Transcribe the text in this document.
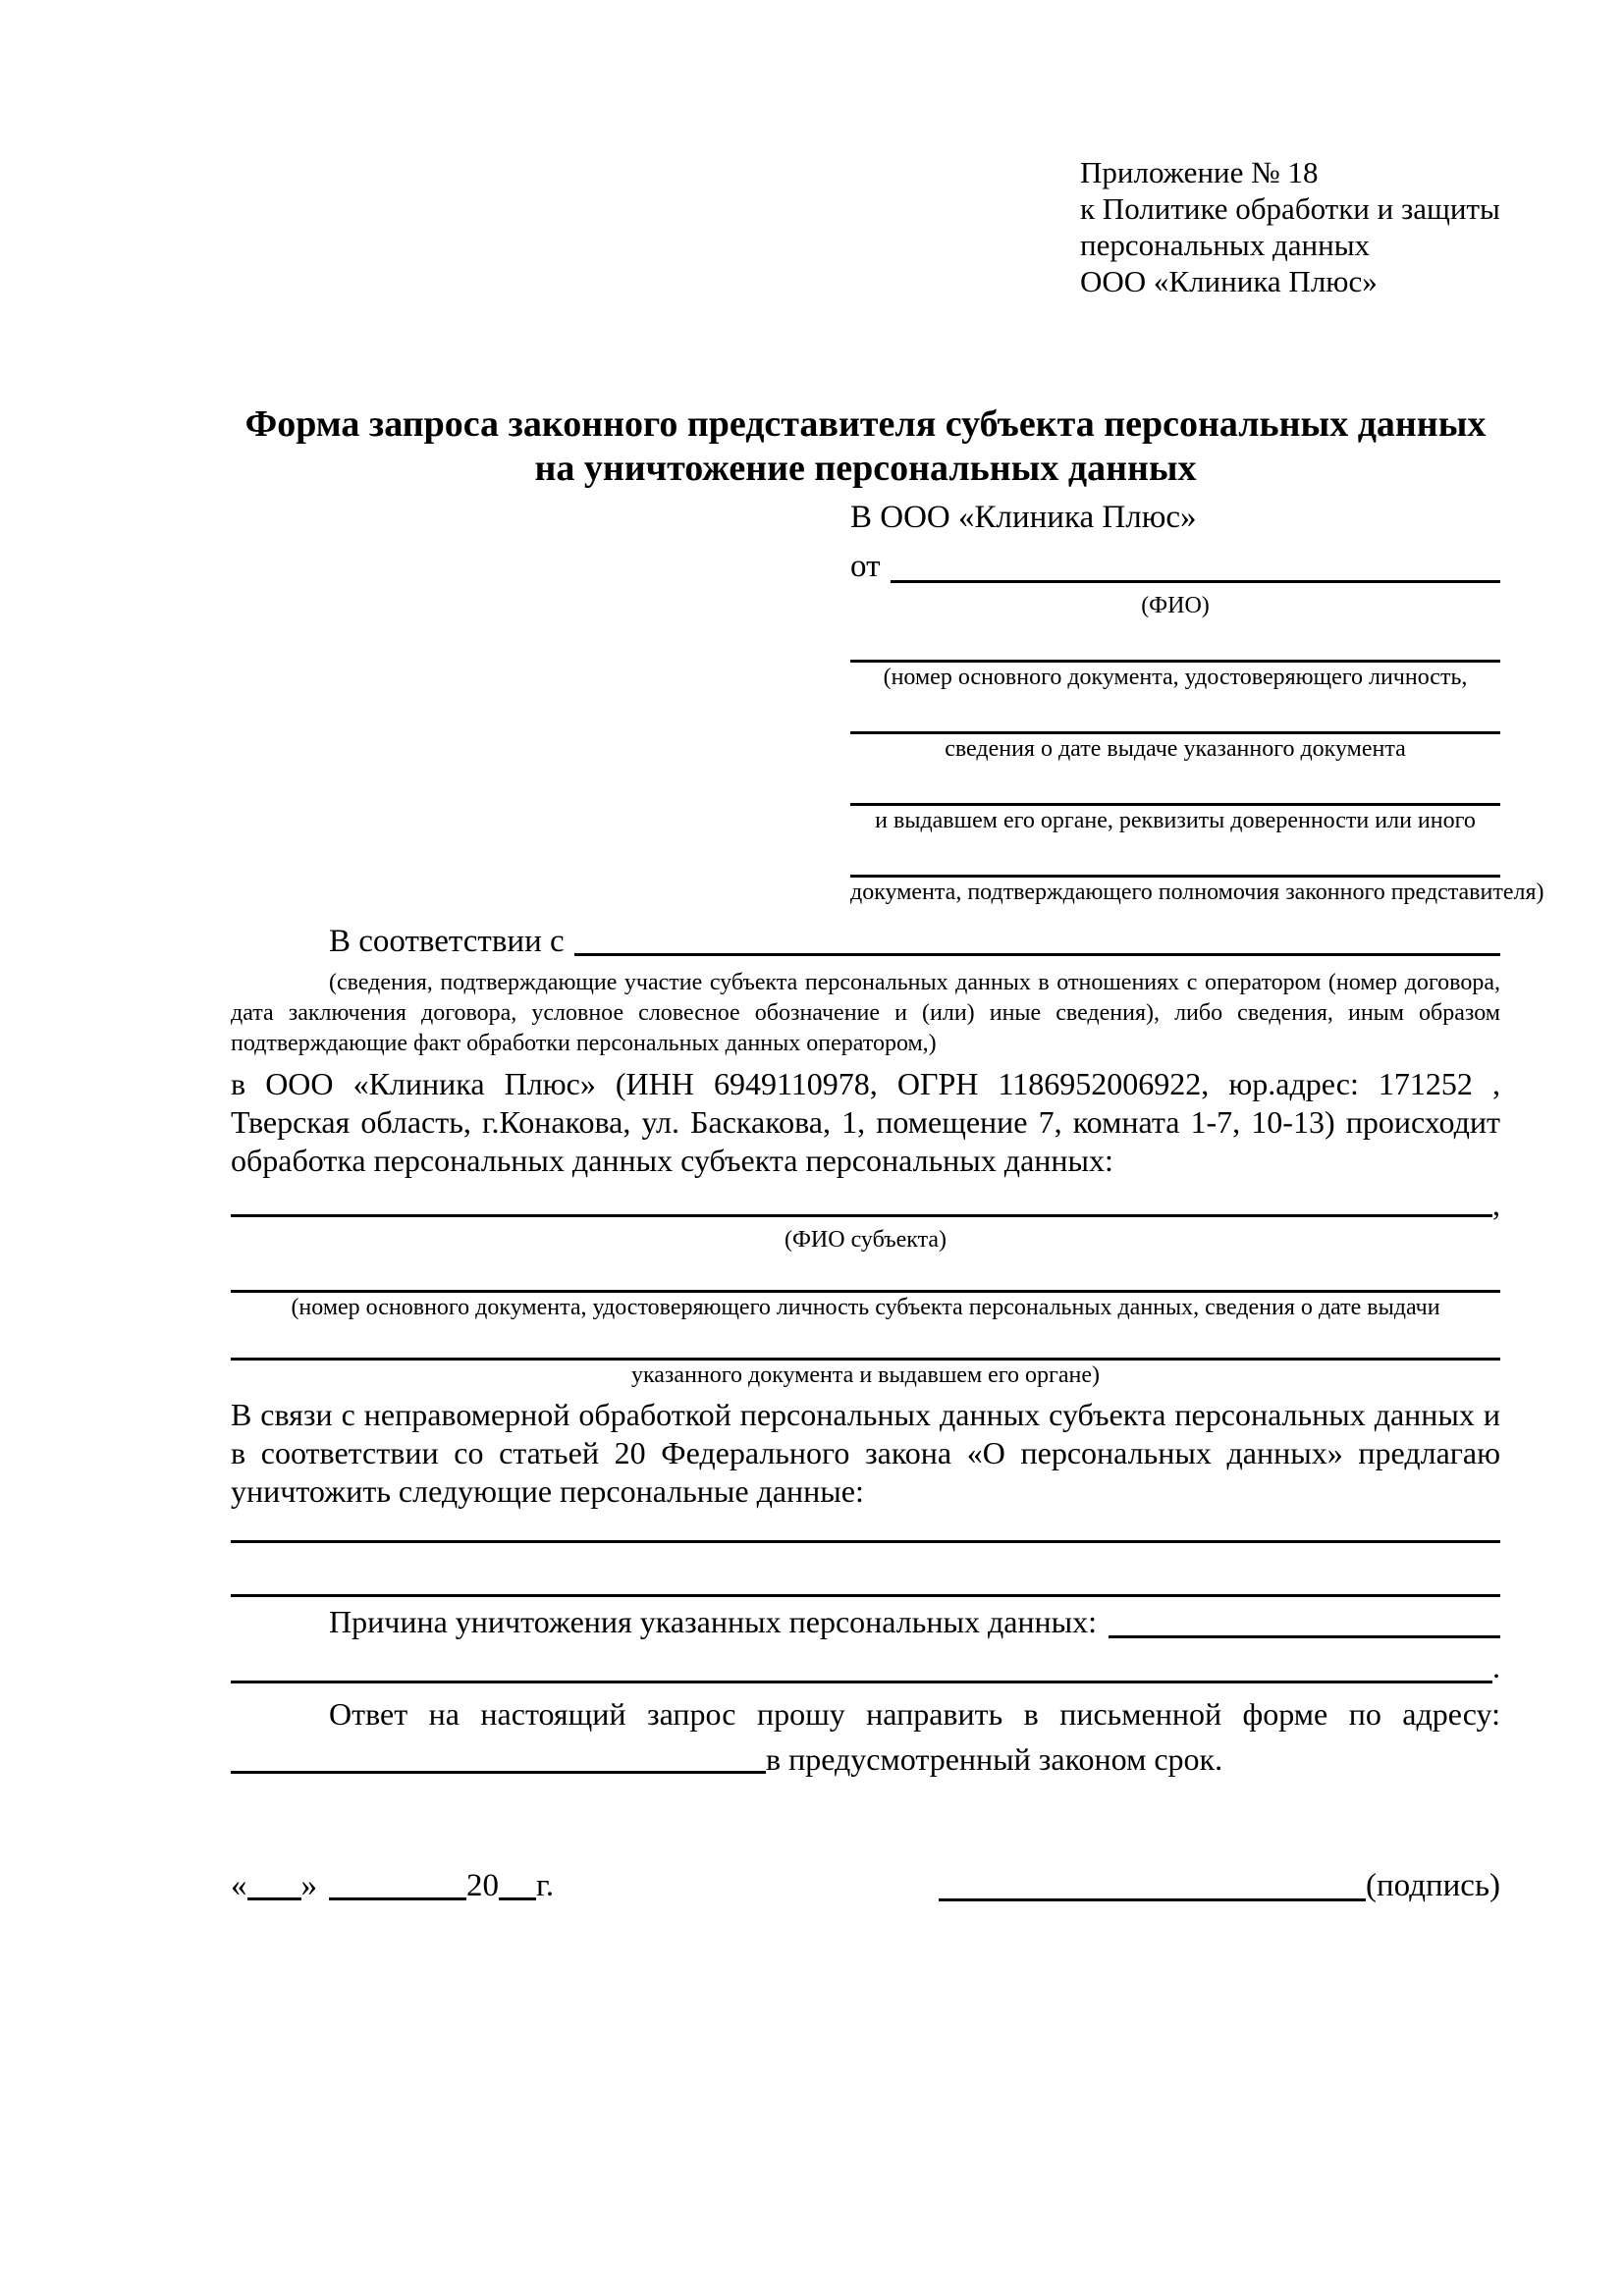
Приложение № 18
к Политике обработки и защиты
персональных данных
ООО «Клиника Плюс»
Форма запроса законного представителя субъекта персональных данных
на уничтожение персональных данных
В ООО «Клиника Плюс»
от
(ФИО)
(номер основного документа, удостоверяющего личность,
сведения о дате выдаче указанного документа
и выдавшем его органе, реквизиты доверенности или иного
документа, подтверждающего полномочия законного представителя)
В соответствии с

(сведения, подтверждающие участие субъекта персональных данных в отношениях с оператором (номер договора, дата заключения договора, условное словесное обозначение и (или) иные сведения), либо сведения, иным образом подтверждающие факт обработки персональных данных оператором,)

в ООО «Клиника Плюс» (ИНН 6949110978, ОГРН 1186952006922, юр.адрес: 171252 , Тверская область, г.Конакова, ул. Баскакова, 1, помещение 7, комната 1-7, 10-13) происходит обработка персональных данных субъекта персональных данных:

,
(ФИО субъекта)
(номер основного документа, удостоверяющего личность субъекта персональных данных, сведения о дате выдачи
указанного документа и выдавшем его органе)

В связи с неправомерной обработкой персональных данных субъекта персональных данных и в соответствии со статьей 20 Федерального закона «О персональных данных» предлагаю уничтожить следующие персональные данные:

Причина уничтожения указанных персональных данных:
.

Ответ на настоящий запрос прошу направить в письменной форме по адресу:

в предусмотренный законом срок.
« »	20 г.	(подпись)
